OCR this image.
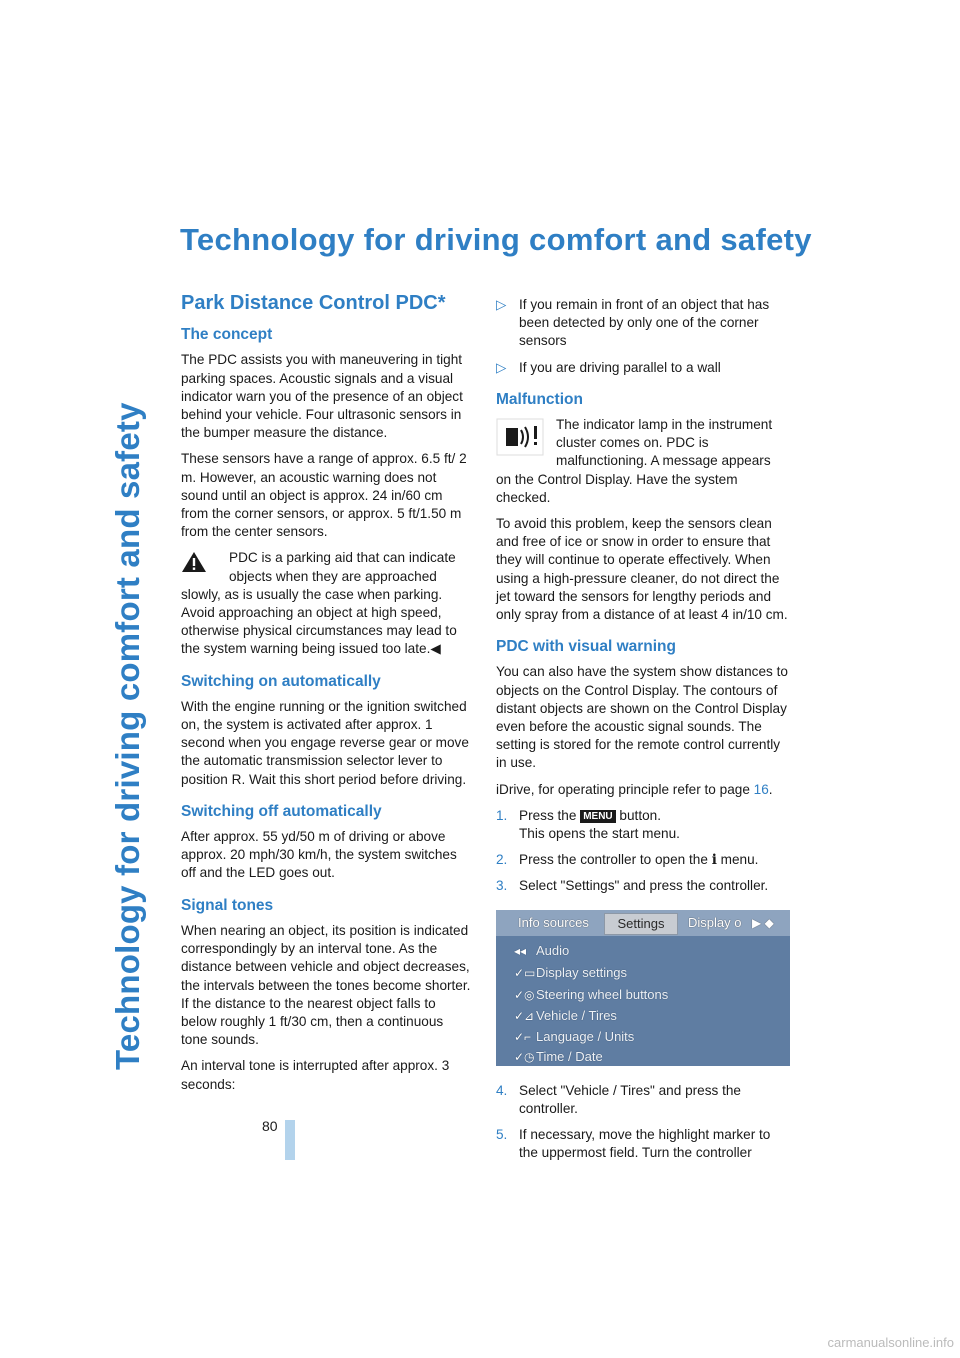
Technology for driving comfort and safety
Technology for driving comfort and safety
Park Distance Control PDC*
The concept

The PDC assists you with maneuvering in tight parking spaces. Acoustic signals and a visual indicator warn you of the presence of an object behind your vehicle. Four ultrasonic sensors in the bumper measure the distance.

These sensors have a range of approx. 6.5 ft/ 2 m. However, an acoustic warning does not sound until an object is approx. 24 in/60 cm from the corner sensors, or approx. 5 ft/1.50 m from the center sensors.

PDC is a parking aid that can indicate objects when they are approached
slowly, as is usually the case when parking. Avoid approaching an object at high speed, otherwise physical circumstances may lead to the system warning being issued too late.◀
Switching on automatically

With the engine running or the ignition switched on, the system is activated after approx. 1 second when you engage reverse gear or move the automatic transmission selector lever to position R. Wait this short period before driving.

Switching off automatically

After approx. 55 yd/50 m of driving or above approx. 20 mph/30 km/h, the system switches off and the LED goes out.

Signal tones

When nearing an object, its position is indicated correspondingly by an interval tone. As the distance between vehicle and object decreases, the intervals between the tones become shorter. If the distance to the nearest object falls to below roughly 1 ft/30 cm, then a continuous tone sounds.

An interval tone is interrupted after approx. 3 seconds:

▷ If you remain in front of an object that has been detected by only one of the corner sensors
▷ If you are driving parallel to a wall
Malfunction

The indicator lamp in the instrument cluster comes on. PDC is malfunctioning. A message appears on the Control Display. Have the system checked.

To avoid this problem, keep the sensors clean and free of ice or snow in order to ensure that they will continue to operate effectively. When using a high-pressure cleaner, do not direct the jet toward the sensors for lengthy periods and only spray from a distance of at least 4 in/10 cm.

PDC with visual warning

You can also have the system show distances to objects on the Control Display. The contours of distant objects are shown on the Control Display even before the acoustic signal sounds. The setting is stored for the remote control currently in use.

iDrive, for operating principle refer to page 16.

1. Press the MENU button.
This opens the start menu.
2. Press the controller to open the i menu.
3. Select "Settings" and press the controller.
Info sources	Settings	Display o ▶ ◆
◂◂ Audio
✓▭Display settings
✓◎Steering wheel buttons
✓⊿ Vehicle / Tires
✓⌐ Language / Units
✓◷Time / Date
4. Select "Vehicle / Tires" and press the controller.
5. If necessary, move the highlight marker to the uppermost field. Turn the controller
80
carmanualsonline.info
